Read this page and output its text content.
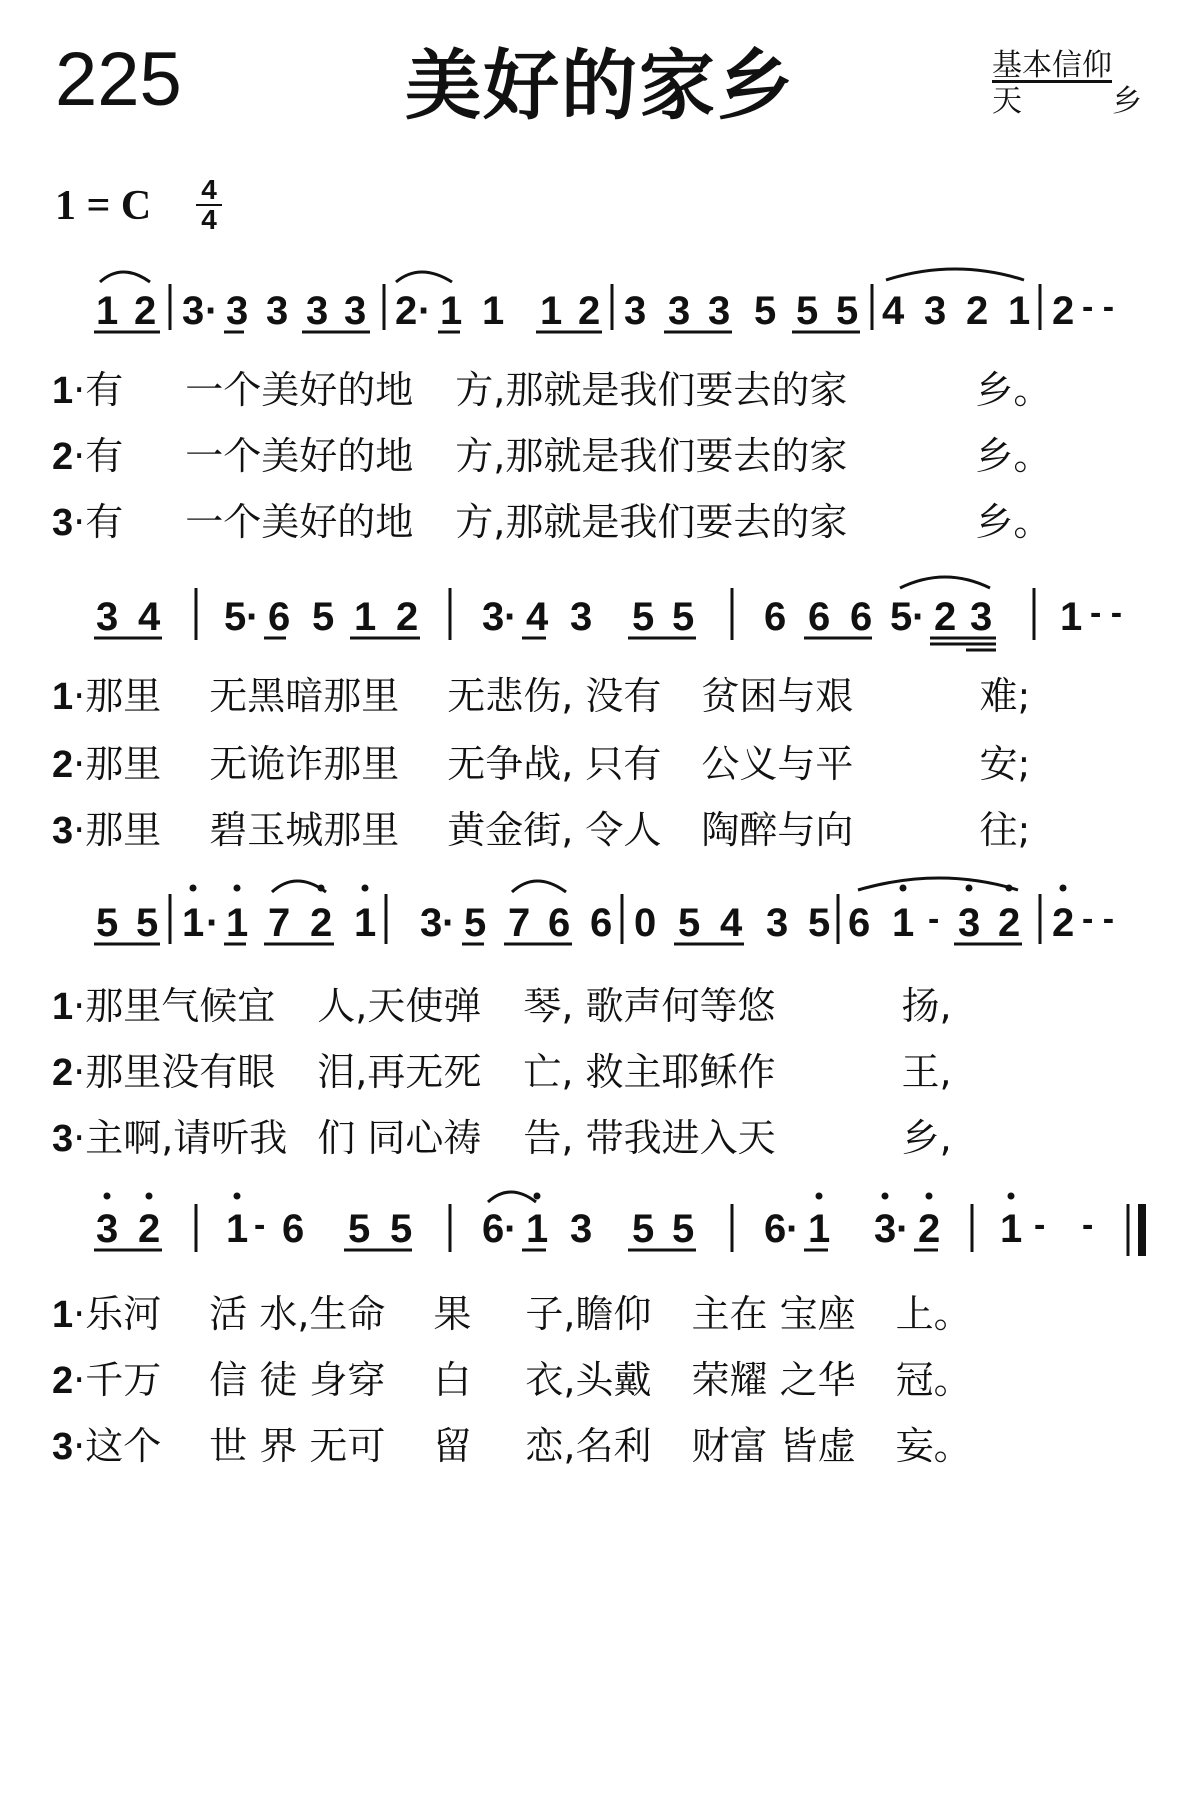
225	美好的家乡	基本信仰
天 乡
1 = C $\frac{4}{4}$
1 2 3 · 3 3 3 3 2 · 1 1 1 2 3 3 3 5 5 5 4 3 2 1 2 - -
3 4 5 · 6 5 1 2 3 · 4 3 5 5 6 6 6 5 · 2 3 1 - -
5 5 1 · 1 7 2 1 3 · 5 7 6 6 0 5 4 3 5 6 1 - 3 2 2 - -
3 2 1 - 6 5 5 6 · 1 3 5 5 6 · 1 3 · 2 1 - -
1·有 一个美好的地 方,那就是我们要去的家	乡。
2·有 一个美好的地 方,那就是我们要去的家	乡。
3·有 一个美好的地 方,那就是我们要去的家	乡。
1·那里 无黑暗那里 无悲伤, 没有 贫困与艰	难;
2·那里 无诡诈那里 无争战, 只有 公义与平	安;
3·那里 碧玉城那里 黄金街, 令人 陶醉与向	往;
1·那里气候宜 人,天使弹 琴, 歌声何等悠	扬,
2·那里没有眼 泪,再无死 亡, 救主耶稣作	王,
3·主啊,请听我 们 同心祷 告, 带我进入天	乡,
1·乐河 活 水,生命 果 子,瞻仰 主在 宝座 上。
2·千万 信 徒 身穿 白 衣,头戴 荣耀 之华 冠。
3·这个 世 界 无可 留 恋,名利 财富 皆虚 妄。
